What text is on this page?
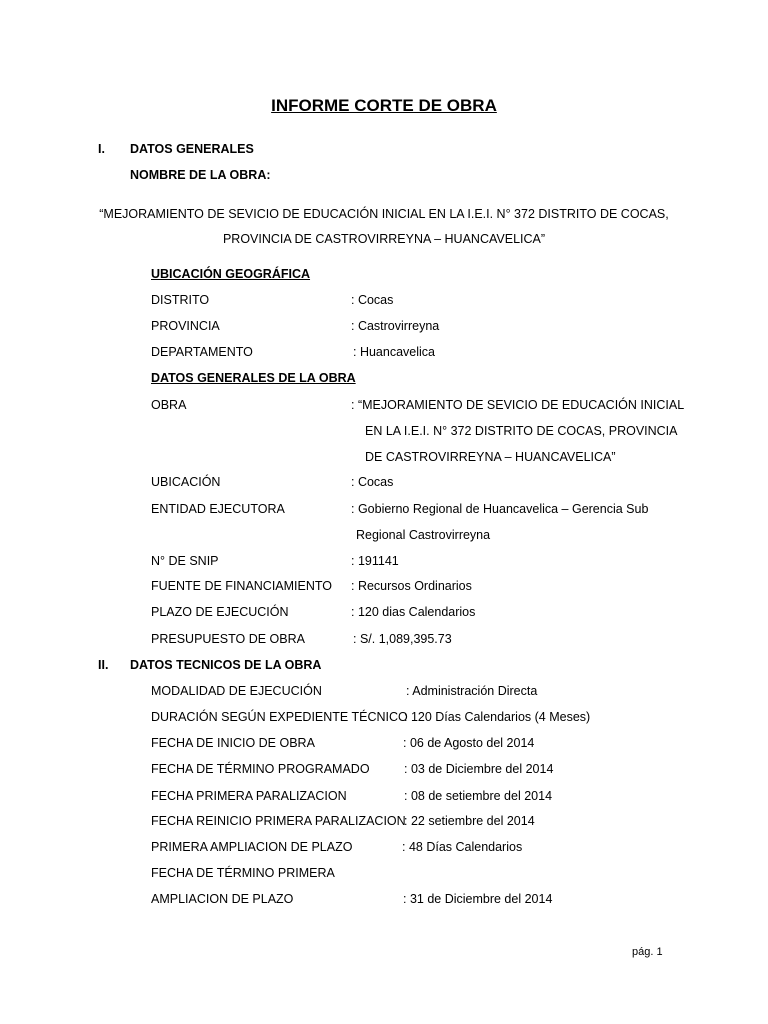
INFORME CORTE DE OBRA
I. DATOS GENERALES
NOMBRE DE LA OBRA:
“MEJORAMIENTO DE SEVICIO DE EDUCACIÓN INICIAL EN LA I.E.I. N° 372 DISTRITO DE COCAS,
PROVINCIA DE CASTROVIRREYNA – HUANCAVELICA”
UBICACIÓN GEOGRÁFICA
DISTRITO	: Cocas
PROVINCIA	: Castrovirreyna
DEPARTAMENTO	: Huancavelica
DATOS GENERALES DE LA OBRA
OBRA	: “MEJORAMIENTO DE SEVICIO DE EDUCACIÓN INICIAL
EN LA I.E.I. N° 372 DISTRITO DE COCAS, PROVINCIA
DE CASTROVIRREYNA – HUANCAVELICA”
UBICACIÓN	: Cocas
ENTIDAD EJECUTORA	: Gobierno Regional de Huancavelica – Gerencia Sub
Regional Castrovirreyna
N° DE SNIP	: 191141
FUENTE DE FINANCIAMIENTO : Recursos Ordinarios
PLAZO DE EJECUCIÓN	: 120 dias Calendarios
PRESUPUESTO DE OBRA	: S/. 1,089,395.73
II. DATOS TECNICOS DE LA OBRA
MODALIDAD DE EJECUCIÓN	: Administración Directa
DURACIÓN SEGÚN EXPEDIENTE TÉCNICO
: 120 Días Calendarios (4 Meses)
FECHA DE INICIO DE OBRA	: 06 de Agosto del 2014
FECHA DE TÉRMINO PROGRAMADO	: 03 de Diciembre del 2014
FECHA PRIMERA PARALIZACION	: 08 de setiembre del 2014
FECHA REINICIO PRIMERA PARALIZACION
: 22 setiembre del 2014
PRIMERA AMPLIACION DE PLAZO	: 48 Días Calendarios
FECHA DE TÉRMINO PRIMERA
AMPLIACION DE PLAZO	: 31 de Diciembre del 2014
pág. 1
